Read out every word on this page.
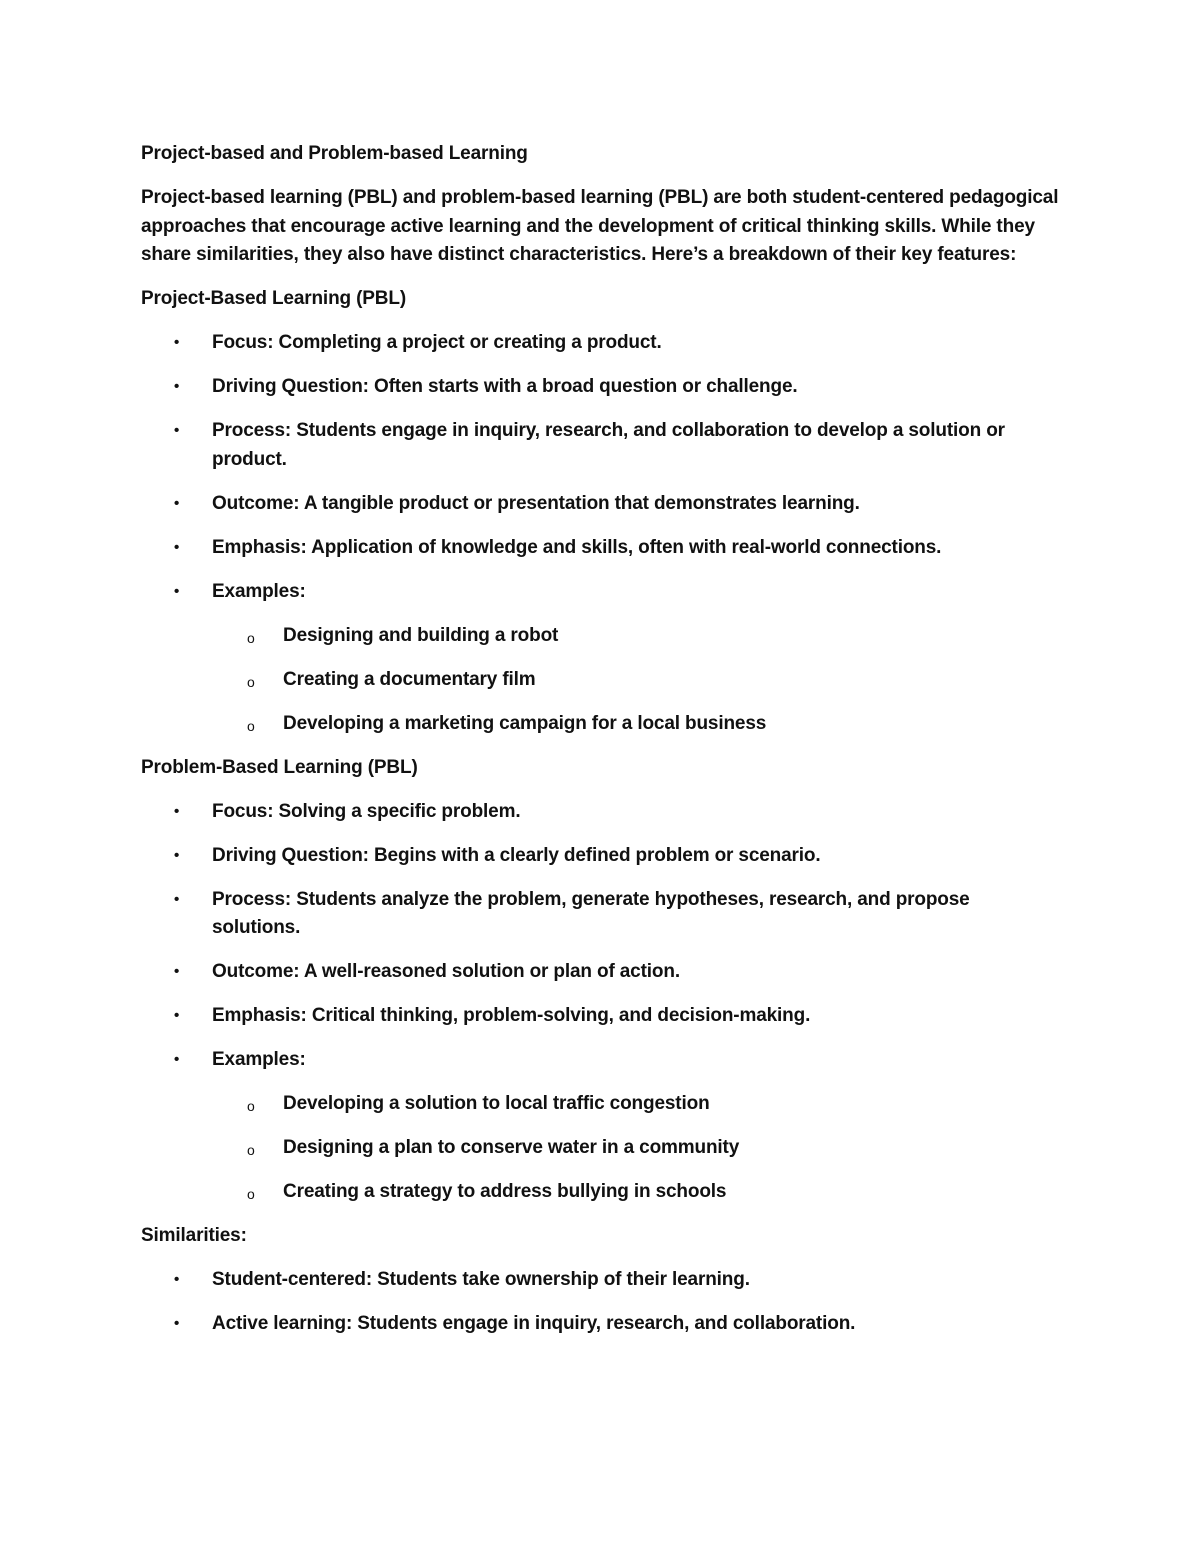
Project-based and Problem-based Learning

Project-based learning (PBL) and problem-based learning (PBL) are both student-centered pedagogical approaches that encourage active learning and the development of critical thinking skills. While they share similarities, they also have distinct characteristics. Here’s a breakdown of their key features:

Project-Based Learning (PBL)

• Focus: Completing a project or creating a product.
• Driving Question: Often starts with a broad question or challenge.
• Process: Students engage in inquiry, research, and collaboration to develop a solution or product.
• Outcome: A tangible product or presentation that demonstrates learning.
• Emphasis: Application of knowledge and skills, often with real-world connections.
• Examples:
o Designing and building a robot
o Creating a documentary film
o Developing a marketing campaign for a local business

Problem-Based Learning (PBL)

• Focus: Solving a specific problem.
• Driving Question: Begins with a clearly defined problem or scenario.
• Process: Students analyze the problem, generate hypotheses, research, and propose solutions.
• Outcome: A well-reasoned solution or plan of action.
• Emphasis: Critical thinking, problem-solving, and decision-making.
• Examples:
o Developing a solution to local traffic congestion
o Designing a plan to conserve water in a community
o Creating a strategy to address bullying in schools

Similarities:

• Student-centered: Students take ownership of their learning.
• Active learning: Students engage in inquiry, research, and collaboration.
